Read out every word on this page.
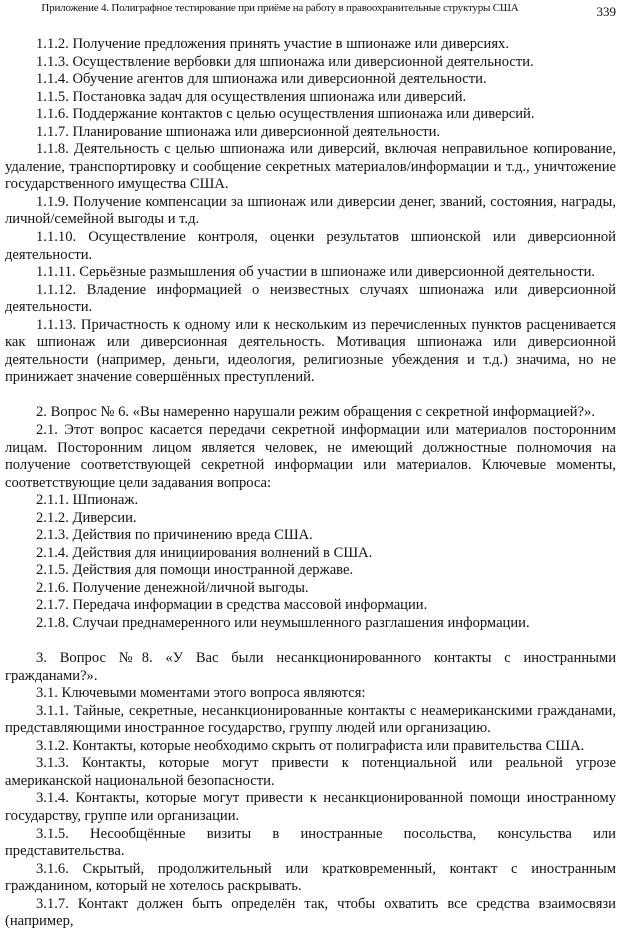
Приложение 4. Полиграфное тестирование при приёме на работу в правоохранительные структуры США	339

1.1.2. Получение предложения принять участие в шпионаже или диверсиях.

1.1.3. Осуществление вербовки для шпионажа или диверсионной деятельности.

1.1.4. Обучение агентов для шпионажа или диверсионной деятельности.

1.1.5. Постановка задач для осуществления шпионажа или диверсий.

1.1.6. Поддержание контактов с целью осуществления шпионажа или диверсий.

1.1.7. Планирование шпионажа или диверсионной деятельности.

1.1.8. Деятельность с целью шпионажа или диверсий, включая неправильное копирование, удаление, транспортировку и сообщение секретных материалов/информации и т.д., уничтожение государственного имущества США.

1.1.9. Получение компенсации за шпионаж или диверсии денег, званий, состояния, награды, личной/семейной выгоды и т.д.

1.1.10. Осуществление контроля, оценки результатов шпионской или диверсионной деятельности.

1.1.11. Серьёзные размышления об участии в шпионаже или диверсионной деятельности.

1.1.12. Владение информацией о неизвестных случаях шпионажа или диверсионной деятельности.

1.1.13. Причастность к одному или к нескольким из перечисленных пунктов расценивается как шпионаж или диверсионная деятельность. Мотивация шпионажа или диверсионной деятельности (например, деньги, идеология, религиозные убеждения и т.д.) значима, но не принижает значение совершённых преступлений.

2. Вопрос № 6. «Вы намеренно нарушали режим обращения с секретной информацией?».

2.1. Этот вопрос касается передачи секретной информации или материалов посторонним лицам. Посторонним лицом является человек, не имеющий должностные полномочия на получение соответствующей секретной информации или материалов. Ключевые моменты, соответствующие цели задавания вопроса:

2.1.1. Шпионаж.

2.1.2. Диверсии.

2.1.3. Действия по причинению вреда США.

2.1.4. Действия для инициирования волнений в США.

2.1.5. Действия для помощи иностранной державе.

2.1.6. Получение денежной/личной выгоды.

2.1.7. Передача информации в средства массовой информации.

2.1.8. Случаи преднамеренного или неумышленного разглашения информации.

3. Вопрос №8. «У Вас были несанкционированного контакты с иностранными гражданами?».

3.1. Ключевыми моментами этого вопроса являются:

3.1.1. Тайные, секретные, несанкционированные контакты с неамериканскими гражданами, представляющими иностранное государство, группу людей или организацию.

3.1.2. Контакты, которые необходимо скрыть от полиграфиста или правительства США.

3.1.3. Контакты, которые могут привести к потенциальной или реальной угрозе американской национальной безопасности.

3.1.4. Контакты, которые могут привести к несанкционированной помощи иностранному государству, группе или организации.

3.1.5. Несообщённые визиты в иностранные посольства, консульства или представительства.

3.1.6. Скрытый, продолжительный или кратковременный, контакт с иностранным гражданином, который не хотелось раскрывать.

3.1.7. Контакт должен быть определён так, чтобы охватить все средства взаимосвязи (например,
